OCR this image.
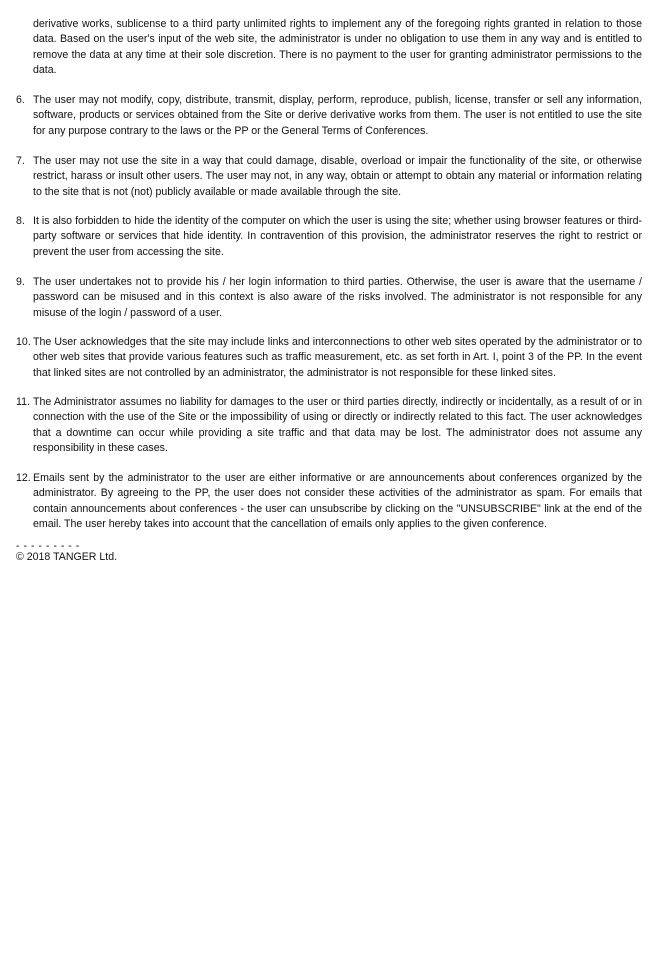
derivative works, sublicense to a third party unlimited rights to implement any of the foregoing rights granted in relation to those data. Based on the user's input of the web site, the administrator is under no obligation to use them in any way and is entitled to remove the data at any time at their sole discretion. There is no payment to the user for granting administrator permissions to the data.
6. The user may not modify, copy, distribute, transmit, display, perform, reproduce, publish, license, transfer or sell any information, software, products or services obtained from the Site or derive derivative works from them. The user is not entitled to use the site for any purpose contrary to the laws or the PP or the General Terms of Conferences.
7. The user may not use the site in a way that could damage, disable, overload or impair the functionality of the site, or otherwise restrict, harass or insult other users. The user may not, in any way, obtain or attempt to obtain any material or information relating to the site that is not (not) publicly available or made available through the site.
8. It is also forbidden to hide the identity of the computer on which the user is using the site; whether using browser features or third-party software or services that hide identity. In contravention of this provision, the administrator reserves the right to restrict or prevent the user from accessing the site.
9. The user undertakes not to provide his / her login information to third parties. Otherwise, the user is aware that the username / password can be misused and in this context is also aware of the risks involved. The administrator is not responsible for any misuse of the login / password of a user.
10. The User acknowledges that the site may include links and interconnections to other web sites operated by the administrator or to other web sites that provide various features such as traffic measurement, etc. as set forth in Art. I, point 3 of the PP. In the event that linked sites are not controlled by an administrator, the administrator is not responsible for these linked sites.
11. The Administrator assumes no liability for damages to the user or third parties directly, indirectly or incidentally, as a result of or in connection with the use of the Site or the impossibility of using or directly or indirectly related to this fact. The user acknowledges that a downtime can occur while providing a site traffic and that data may be lost. The administrator does not assume any responsibility in these cases.
12. Emails sent by the administrator to the user are either informative or are announcements about conferences organized by the administrator. By agreeing to the PP, the user does not consider these activities of the administrator as spam. For emails that contain announcements about conferences - the user can unsubscribe by clicking on the "UNSUBSCRIBE" link at the end of the email. The user hereby takes into account that the cancellation of emails only applies to the given conference.
- - - - - - - - -
© 2018 TANGER Ltd.
